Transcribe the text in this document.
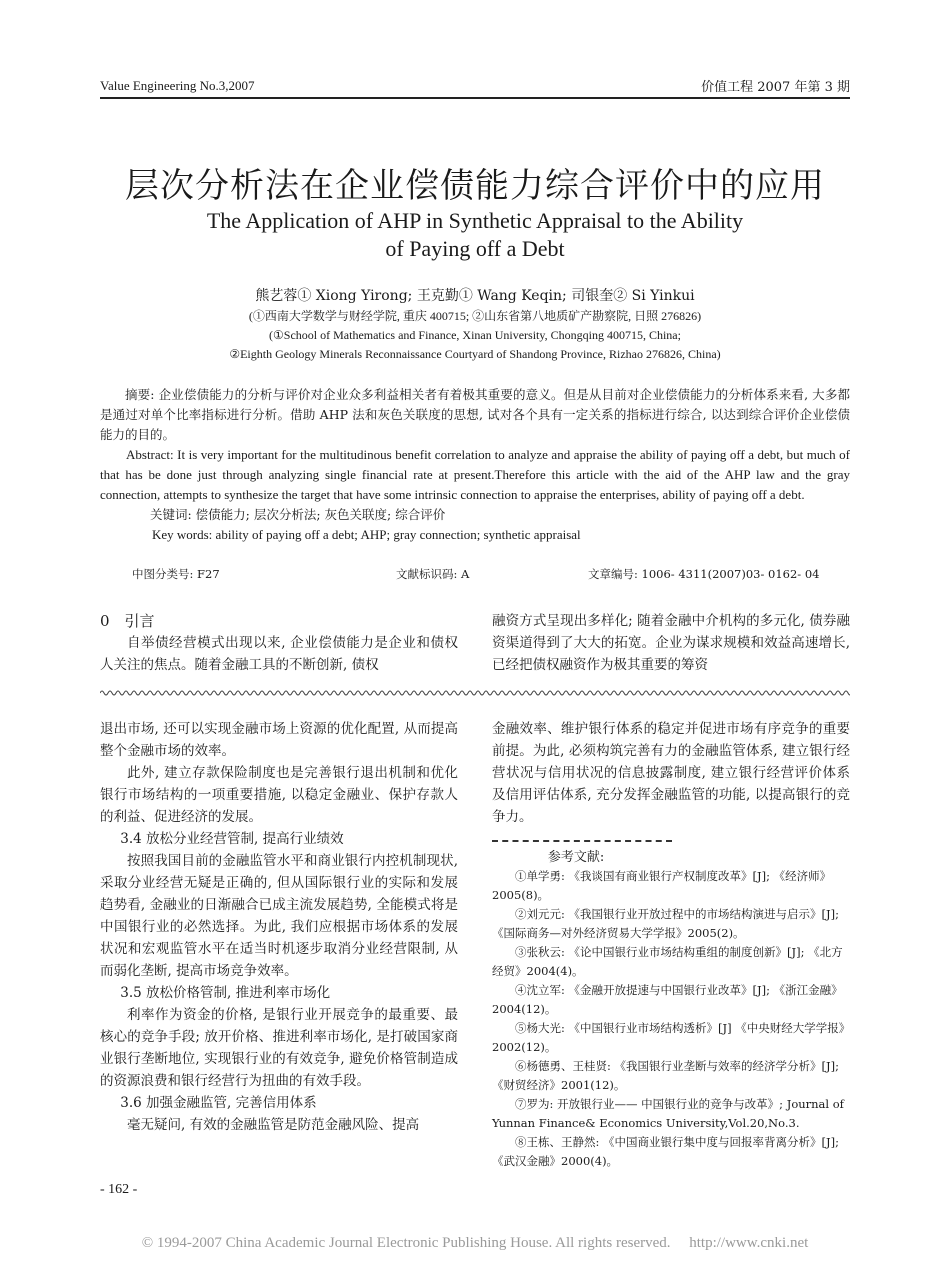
Value Engineering No.3,2007	价值工程 2007 年第 3 期
层次分析法在企业偿债能力综合评价中的应用
The Application of AHP in Synthetic Appraisal to the Ability
of Paying off a Debt
熊艺蓉① Xiong Yirong; 王克勤① Wang Keqin; 司银奎② Si Yinkui
(①西南大学数学与财经学院, 重庆 400715; ②山东省第八地质矿产勘察院, 日照 276826)
(①School of Mathematics and Finance, Xinan University, Chongqing 400715, China;
②Eighth Geology Minerals Reconnaissance Courtyard of Shandong Province, Rizhao 276826, China)

摘要: 企业偿债能力的分析与评价对企业众多利益相关者有着极其重要的意义。但是从目前对企业偿债能力的分析体系来看, 大多都是通过对单个比率指标进行分析。借助 AHP 法和灰色关联度的思想, 试对各个具有一定关系的指标进行综合, 以达到综合评价企业偿债能力的目的。

Abstract: It is very important for the multitudinous benefit correlation to analyze and appraise the ability of paying off a debt, but much of that has be done just through analyzing single financial rate at present.Therefore this article with the aid of the AHP law and the gray connection, attempts to synthesize the target that have some intrinsic connection to appraise the enterprises, ability of paying off a debt.

关键词: 偿债能力; 层次分析法; 灰色关联度; 综合评价

Key words: ability of paying off a debt; AHP; gray connection; synthetic appraisal

中图分类号: F27	文献标识码: A	文章编号: 1006- 4311(2007)03- 0162- 04

0　引言

自举债经营模式出现以来, 企业偿债能力是企业和债权人关注的焦点。随着金融工具的不断创新, 债权

融资方式呈现出多样化; 随着金融中介机构的多元化, 债券融资渠道得到了大大的拓宽。企业为谋求规模和效益高速增长, 已经把债权融资作为极其重要的筹资

退出市场, 还可以实现金融市场上资源的优化配置, 从而提高整个金融市场的效率。

此外, 建立存款保险制度也是完善银行退出机制和优化银行市场结构的一项重要措施, 以稳定金融业、保护存款人的利益、促进经济的发展。

3.4 放松分业经营管制, 提高行业绩效

按照我国目前的金融监管水平和商业银行内控机制现状, 采取分业经营无疑是正确的, 但从国际银行业的实际和发展趋势看, 金融业的日渐融合已成主流发展趋势, 全能模式将是中国银行业的必然选择。为此, 我们应根据市场体系的发展状况和宏观监管水平在适当时机逐步取消分业经营限制, 从而弱化垄断, 提高市场竞争效率。

3.5 放松价格管制, 推进利率市场化

利率作为资金的价格, 是银行业开展竞争的最重要、最核心的竞争手段; 放开价格、推进利率市场化, 是打破国家商业银行垄断地位, 实现银行业的有效竞争, 避免价格管制造成的资源浪费和银行经营行为扭曲的有效手段。

3.6 加强金融监管, 完善信用体系

毫无疑问, 有效的金融监管是防范金融风险、提高

金融效率、维护银行体系的稳定并促进市场有序竞争的重要前提。为此, 必须构筑完善有力的金融监管体系, 建立银行经营状况与信用状况的信息披露制度, 建立银行经营评价体系及信用评估体系, 充分发挥金融监管的功能, 以提高银行的竞争力。

参考文献:

①单学勇: 《我谈国有商业银行产权制度改革》[J]; 《经济师》2005(8)。

②刘元元: 《我国银行业开放过程中的市场结构演进与启示》[J]; 《国际商务—对外经济贸易大学学报》2005(2)。

③张秋云: 《论中国银行业市场结构重组的制度创新》[J]; 《北方经贸》2004(4)。

④沈立军: 《金融开放提速与中国银行业改革》[J]; 《浙江金融》2004(12)。

⑤杨大光: 《中国银行业市场结构透析》[J] 《中央财经大学学报》2002(12)。

⑥杨德勇、王桂贤: 《我国银行业垄断与效率的经济学分析》[J]; 《财贸经济》2001(12)。

⑦罗为: 开放银行业—— 中国银行业的竞争与改革》; Journal of Yunnan Finance& Economics University,Vol.20,No.3.

⑧王栋、王静然: 《中国商业银行集中度与回报率背离分析》[J]; 《武汉金融》2000(4)。

- 162 -
© 1994-2007 China Academic Journal Electronic Publishing House. All rights reserved.　 http://www.cnki.net
